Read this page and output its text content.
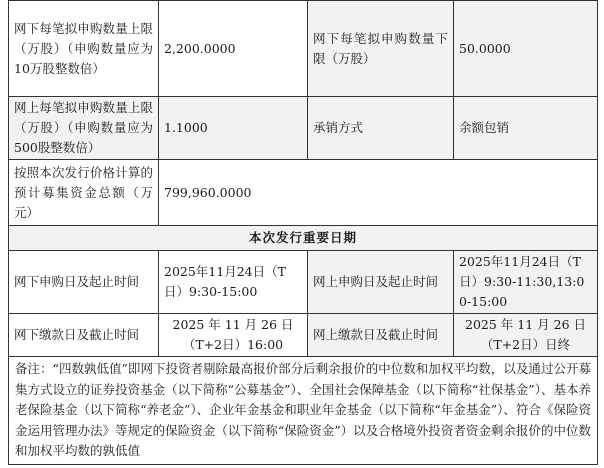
网下每笔拟申购数量上限（万股）（申购数量应为10万股整数倍）	2,200.0000	网下每笔拟申购数量下限（万股）	50.0000
网上每笔拟申购数量上限（万股）（申购数量应为500股整数倍）	1.1000	承销方式	余额包销
按照本次发行价格计算的预计募集资金总额（万元）	799,960.0000		
本次发行重要日期			
网下申购日及起止时间	2025年11月24日（T日）9:30-15:00	网上申购日及起止时间	2025年11月24日（T日）9:30-11:30,13:00-15:00
网下缴款日及截止时间	2025 年 11 月 26 日（T+2日）16:00	网上缴款日及截止时间	2025 年 11 月 26 日（T+2日）日终
备注：“四数孰低值”即网下投资者剔除最高报价部分后剩余报价的中位数和加权平均数，以及通过公开募集方式设立的证券投资基金（以下简称“公募基金”）、全国社会保障基金（以下简称“社保基金”）、基本养老保险基金（以下简称“养老金”）、企业年金基金和职业年金基金（以下简称“年金基金”）、符合《保险资金运用管理办法》等规定的保险资金（以下简称“保险资金”）以及合格境外投资者资金剩余报价的中位数和加权平均数的孰低值			
